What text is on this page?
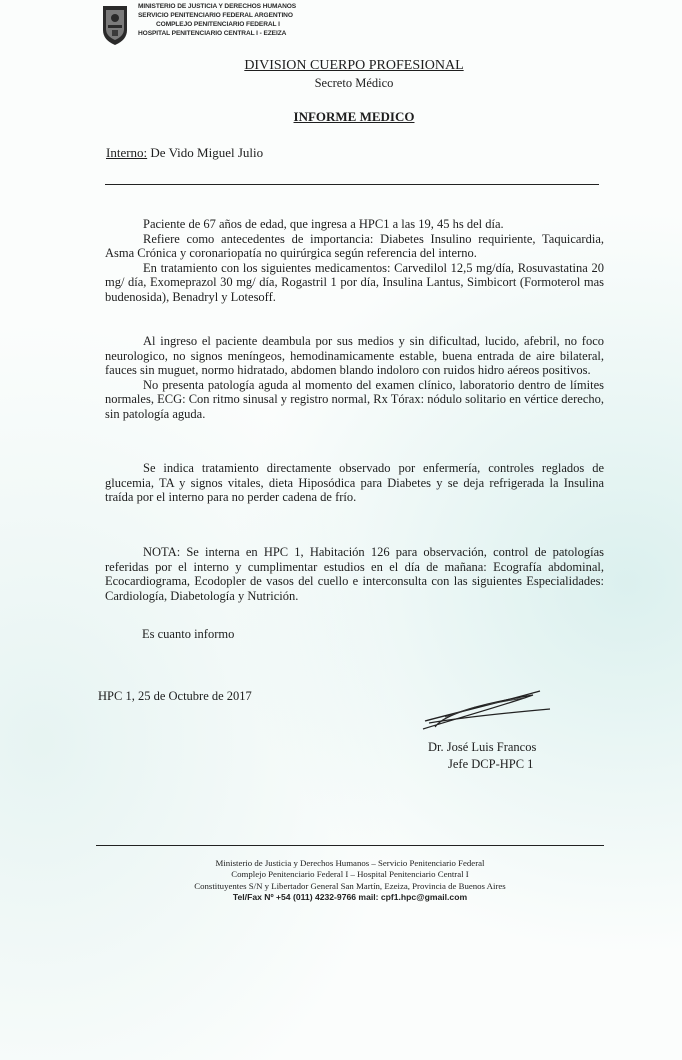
MINISTERIO DE JUSTICIA Y DERECHOS HUMANOS
SERVICIO PENITENCIARIO FEDERAL ARGENTINO
COMPLEJO PENITENCIARIO FEDERAL I
HOSPITAL PENITENCIARIO CENTRAL I - EZEIZA
DIVISION CUERPO PROFESIONAL
Secreto Médico
INFORME MEDICO
Interno: De Vido Miguel Julio

Paciente de 67 años de edad, que ingresa a HPC1 a las 19, 45 hs del día.

Refiere como antecedentes de importancia: Diabetes Insulino requiriente, Taquicardia, Asma Crónica y coronariopatía no quirúrgica según referencia del interno.

En tratamiento con los siguientes medicamentos: Carvedilol 12,5 mg/día, Rosuvastatina 20 mg/ día, Exomeprazol 30 mg/ día, Rogastril 1 por día, Insulina Lantus, Simbicort (Formoterol mas budenosida), Benadryl y Lotesoff.

Al ingreso el paciente deambula por sus medios y sin dificultad, lucido, afebril, no foco neurologico, no signos meníngeos, hemodinamicamente estable, buena entrada de aire bilateral, fauces sin muguet, normo hidratado, abdomen blando indoloro con ruidos hidro aéreos positivos.

No presenta patología aguda al momento del examen clínico, laboratorio dentro de límites normales, ECG: Con ritmo sinusal y registro normal, Rx Tórax: nódulo solitario en vértice derecho, sin patología aguda.

Se indica tratamiento directamente observado por enfermería, controles reglados de glucemia, TA y signos vitales, dieta Hiposódica para Diabetes y se deja refrigerada la Insulina traída por el interno para no perder cadena de frío.

NOTA: Se interna en HPC 1, Habitación 126 para observación, control de patologías referidas por el interno y cumplimentar estudios en el día de mañana: Ecografía abdominal, Ecocardiograma, Ecodopler de vasos del cuello e interconsulta con las siguientes Especialidades: Cardiología, Diabetología y Nutrición.

Es cuanto informo
HPC 1, 25 de Octubre de 2017
Dr. José Luis Francos
Jefe DCP-HPC 1
Ministerio de Justicia y Derechos Humanos – Servicio Penitenciario Federal
Complejo Penitenciario Federal I – Hospital Penitenciario Central I
Constituyentes S/N y Libertador General San Martín, Ezeiza, Provincia de Buenos Aires
Tel/Fax Nº +54 (011) 4232-9766 mail: cpf1.hpc@gmail.com
